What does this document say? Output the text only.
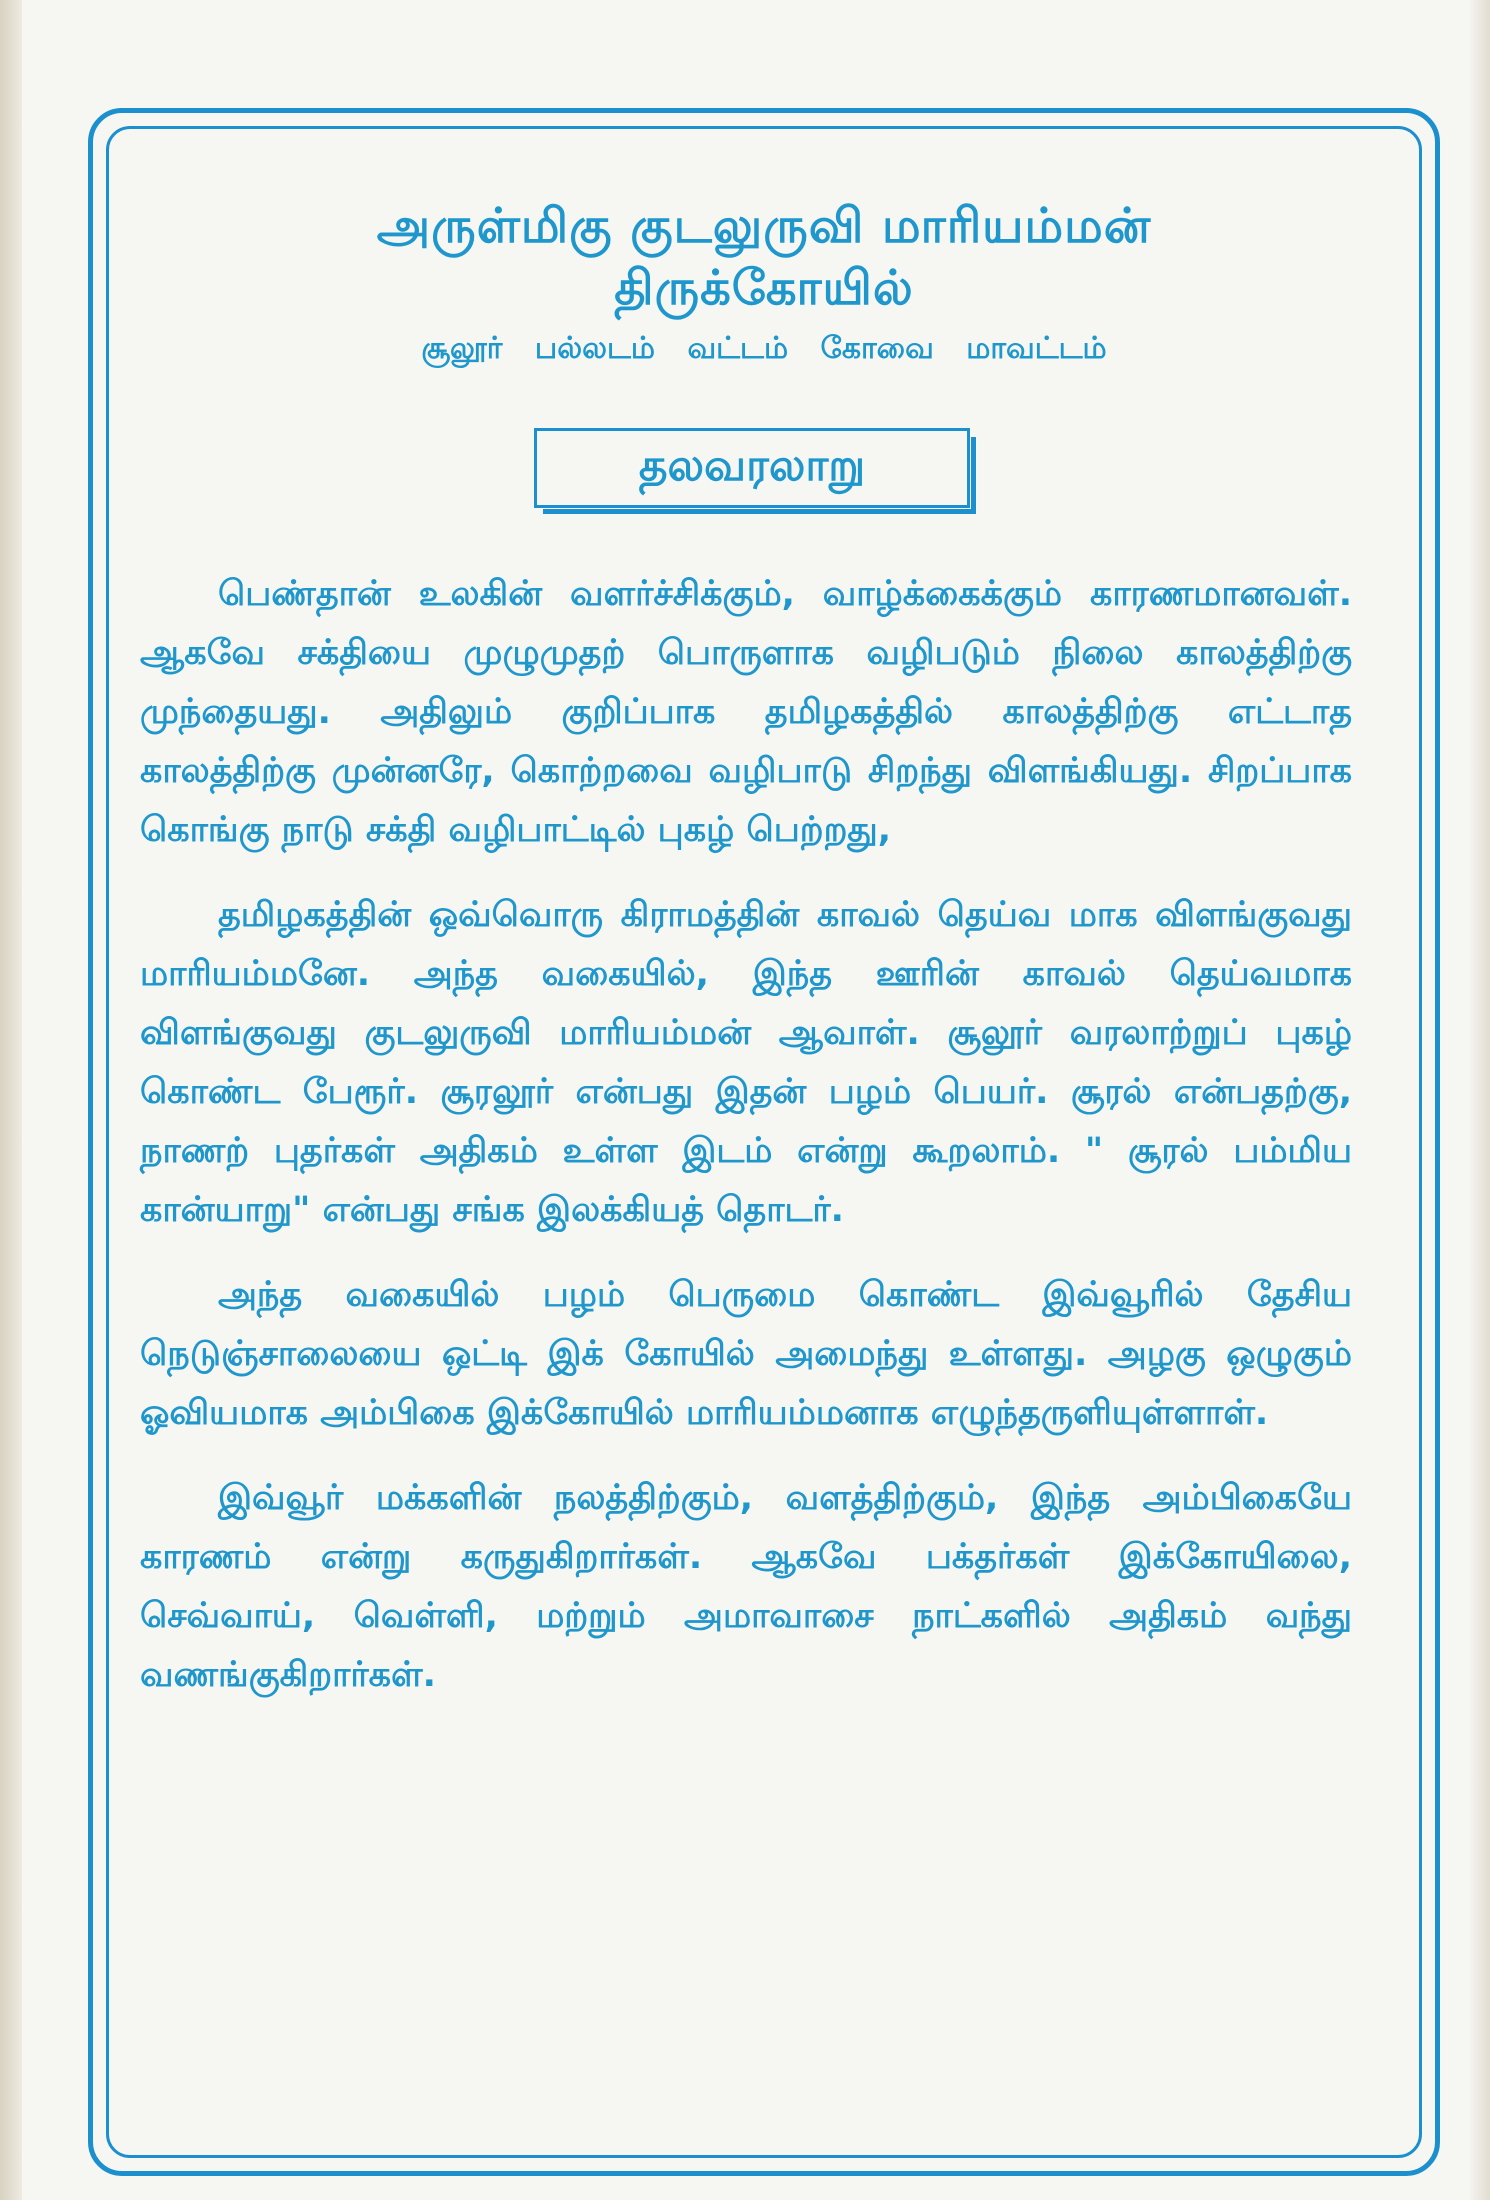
அருள்மிகு குடலுருவி மாரியம்மன்
திருக்கோயில்
சூலூர் பல்லடம் வட்டம் கோவை மாவட்டம்
தலவரலாறு

பெண்தான் உலகின் வளர்ச்சிக்கும், வாழ்க்கைக்கும் காரணமானவள். ஆகவே சக்தியை முழுமுதற் பொருளாக வழிபடும் நிலை காலத்திற்கு முந்தையது. அதிலும் குறிப்பாக தமிழகத்தில் காலத்திற்கு எட்டாத காலத்திற்கு முன்னரே, கொற்றவை வழிபாடு சிறந்து விளங்கியது. சிறப்பாக கொங்கு நாடு சக்தி வழிபாட்டில் புகழ் பெற்றது,

தமிழகத்தின் ஒவ்வொரு கிராமத்தின் காவல் தெய்வ மாக விளங்குவது மாரியம்மனே. அந்த வகையில், இந்த ஊரின் காவல் தெய்வமாக விளங்குவது குடலுருவி மாரியம்மன் ஆவாள். சூலூர் வரலாற்றுப் புகழ் கொண்ட பேரூர். சூரலூர் என்பது இதன் பழம் பெயர். சூரல் என்பதற்கு, நாணற் புதர்கள் அதிகம் உள்ள இடம் என்று கூறலாம். " சூரல் பம்மிய கான்யாறு" என்பது சங்க இலக்கியத் தொடர்.

அந்த வகையில் பழம் பெருமை கொண்ட இவ்வூரில் தேசிய நெடுஞ்சாலையை ஒட்டி இக் கோயில் அமைந்து உள்ளது. அழகு ஒழுகும் ஓவியமாக அம்பிகை இக்கோயில் மாரியம்மனாக எழுந்தருளியுள்ளாள்.

இவ்வூர் மக்களின் நலத்திற்கும், வளத்திற்கும், இந்த அம்பிகையே காரணம் என்று கருதுகிறார்கள். ஆகவே பக்தர்கள் இக்கோயிலை, செவ்வாய், வெள்ளி, மற்றும் அமாவாசை நாட்களில் அதிகம் வந்து வணங்குகிறார்கள்.
